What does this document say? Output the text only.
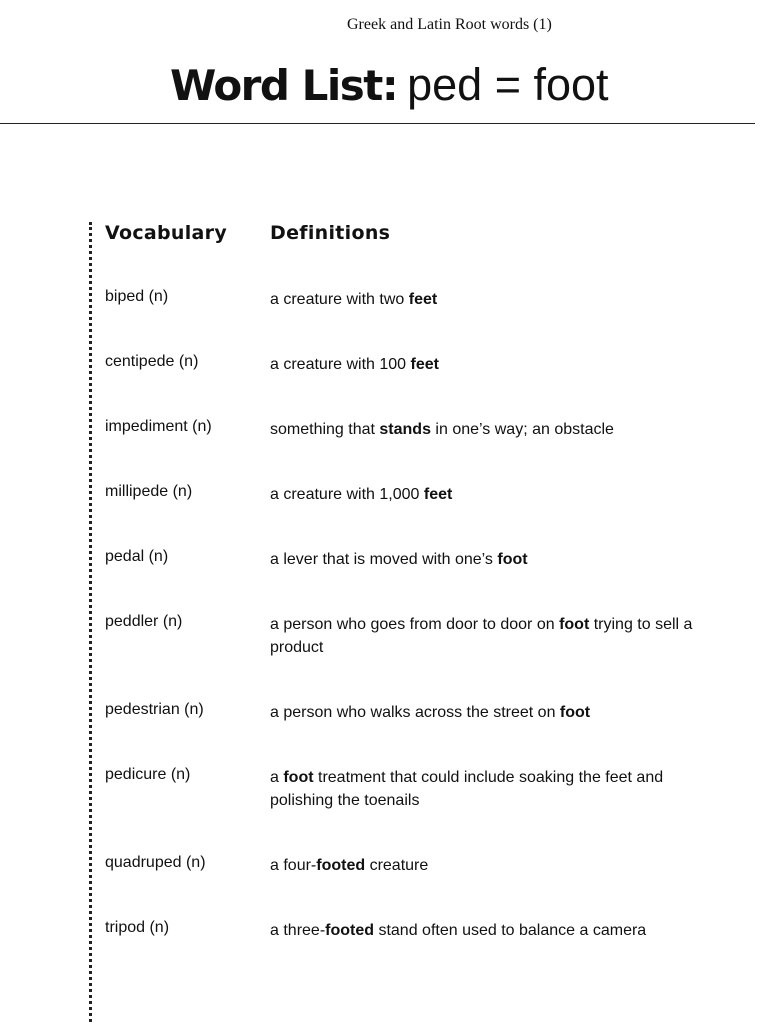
Greek and Latin Root words (1)
Word List: ped = foot
Vocabulary Definitions
biped (n)	a creature with two feet
centipede (n)	a creature with 100 feet
impediment (n)	something that stands in one’s way; an obstacle
millipede (n)	a creature with 1,000 feet
pedal (n)	a lever that is moved with one’s foot
peddler (n)	a person who goes from door to door on foot trying to sell a product
pedestrian (n)	a person who walks across the street on foot
pedicure (n)	a foot treatment that could include soaking the feet and polishing the toenails
quadruped (n)	a four-footed creature
tripod (n)	a three-footed stand often used to balance a camera
